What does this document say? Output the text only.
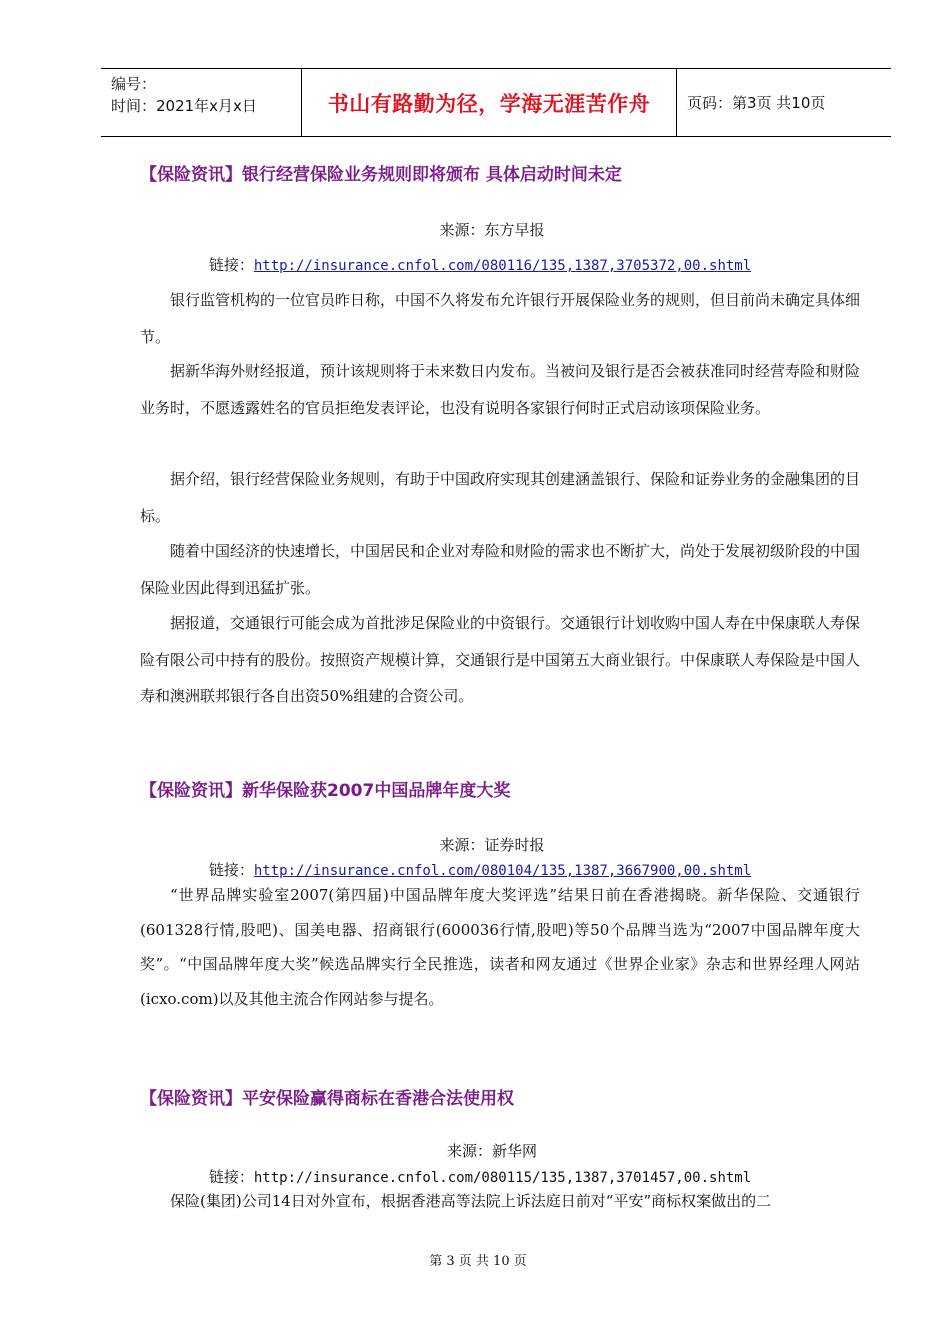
编号：
时间：2021年x月x日	书山有路勤为径，学海无涯苦作舟	页码：第3页 共10页
【保险资讯】银行经营保险业务规则即将颁布 具体启动时间未定
来源：东方早报
链接：http://insurance.cnfol.com/080116/135,1387,3705372,00.shtml
银行监管机构的一位官员昨日称，中国不久将发布允许银行开展保险业务的规则，但目前尚未确定具体细节。
据新华海外财经报道，预计该规则将于未来数日内发布。当被问及银行是否会被获准同时经营寿险和财险业务时，不愿透露姓名的官员拒绝发表评论，也没有说明各家银行何时正式启动该项保险业务。
据介绍，银行经营保险业务规则，有助于中国政府实现其创建涵盖银行、保险和证券业务的金融集团的目标。
随着中国经济的快速增长，中国居民和企业对寿险和财险的需求也不断扩大，尚处于发展初级阶段的中国保险业因此得到迅猛扩张。
据报道，交通银行可能会成为首批涉足保险业的中资银行。交通银行计划收购中国人寿在中保康联人寿保险有限公司中持有的股份。按照资产规模计算，交通银行是中国第五大商业银行。中保康联人寿保险是中国人寿和澳洲联邦银行各自出资50%组建的合资公司。
【保险资讯】新华保险获2007中国品牌年度大奖
来源：证券时报
链接：http://insurance.cnfol.com/080104/135,1387,3667900,00.shtml
“世界品牌实验室2007(第四届)中国品牌年度大奖评选”结果日前在香港揭晓。新华保险、交通银行(601328行情,股吧)、国美电器、招商银行(600036行情,股吧)等50个品牌当选为“2007中国品牌年度大奖”。“中国品牌年度大奖”候选品牌实行全民推选，读者和网友通过《世界企业家》杂志和世界经理人网站(icxo.com)以及其他主流合作网站参与提名。
【保险资讯】平安保险赢得商标在香港合法使用权
来源：新华网
链接：http://insurance.cnfol.com/080115/135,1387,3701457,00.shtml
保险(集团)公司14日对外宣布，根据香港高等法院上诉法庭日前对“平安”商标权案做出的二
第 3 页 共 10 页
